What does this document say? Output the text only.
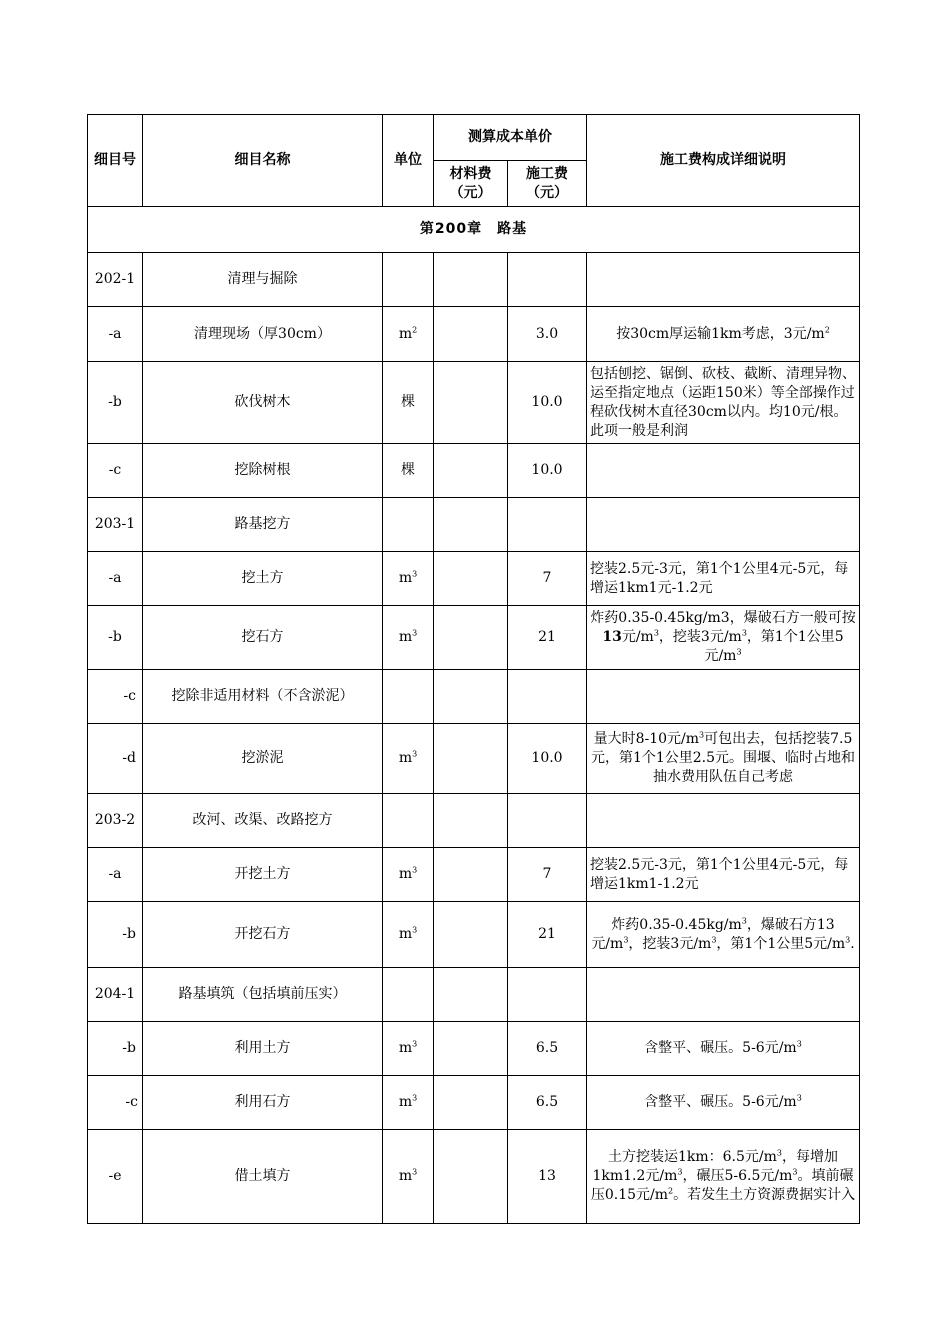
细目号	细目名称	单位	测算成本单价		施工费构成详细说明
			材料费（元）	施工费（元）	
第200章　路基					
202-1	清理与掘除				
-a	清理现场（厚30cm）	$m^2$		3.0	按30cm厚运输1km考虑，3元$/m^2$
-b	砍伐树木	棵		10.0	包括刨挖、锯倒、砍枝、截断、清理异物、运至指定地点（运距150米）等全部操作过程砍伐树木直径30cm以内。均10元/根。此项一般是利润
-c	挖除树根	棵		10.0	
203-1	路基挖方				
-a	挖土方	$m^3$		7	挖装2.5元-3元，第1个1公里4元-5元，每增运1km1元-1.2元
-b	挖石方	$m^3$		21	炸药0.35-0.45kg/m3，爆破石方一般可按13元$/m^3$，挖装3元$/m^3$，第1个1公里5元$/m^3$
-c	挖除非适用材料（不含淤泥）				
-d	挖淤泥	$m^3$		10.0	量大时8-10元$/m^3$可包出去，包括挖装7.5元，第1个1公里2.5元。围堰、临时占地和抽水费用队伍自己考虑
203-2	改河、改渠、改路挖方				
-a	开挖土方	$m^3$		7	挖装2.5元-3元，第1个1公里4元-5元，每增运1km1-1.2元
-b	开挖石方	$m^3$		21	炸药$0.35-0.45kg/m^3$，爆破石方13元$/m^3$，挖装3元$/m^3$，第1个1公里5元$/m^3$.
204-1	路基填筑（包括填前压实）				
-b	利用土方	$m^3$		6.5	含整平、碾压。5-6元$/m^3$
-c	利用石方	$m^3$		6.5	含整平、碾压。5-6元$/m^3$
-e	借土填方	$m^3$		13	土方挖装运1km：6.5元$/m^3$，每增加1km1.2元$/m^3$，碾压5-6.5元$/m^3$。填前碾压0.15元$/m^2$。若发生土方资源费据实计入
